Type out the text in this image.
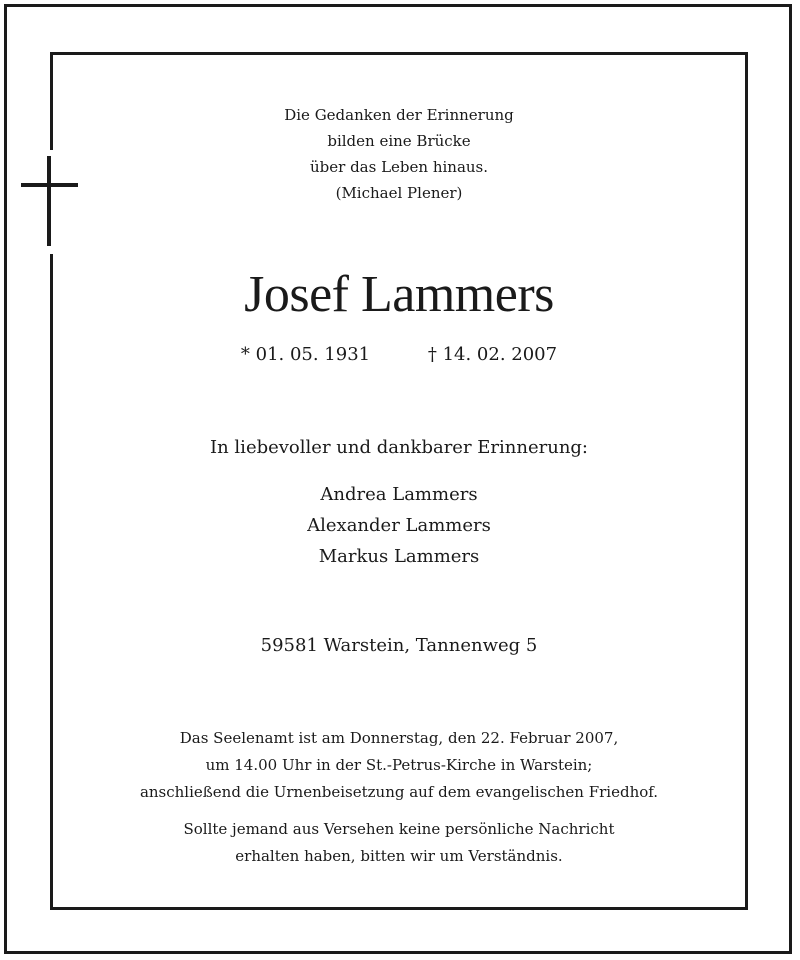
Die Gedanken der Erinnerung
bilden eine Brücke
über das Leben hinaus.
(Michael Plener)
Josef Lammers
* 01. 05. 1931	† 14. 02. 2007
In liebevoller und dankbarer Erinnerung:
Andrea Lammers
Alexander Lammers
Markus Lammers
59581 Warstein, Tannenweg 5
Das Seelenamt ist am Donnerstag, den 22. Februar 2007,
um 14.00 Uhr in der St.-Petrus-Kirche in Warstein;
anschließend die Urnenbeisetzung auf dem evangelischen Friedhof.
Sollte jemand aus Versehen keine persönliche Nachricht
erhalten haben, bitten wir um Verständnis.
